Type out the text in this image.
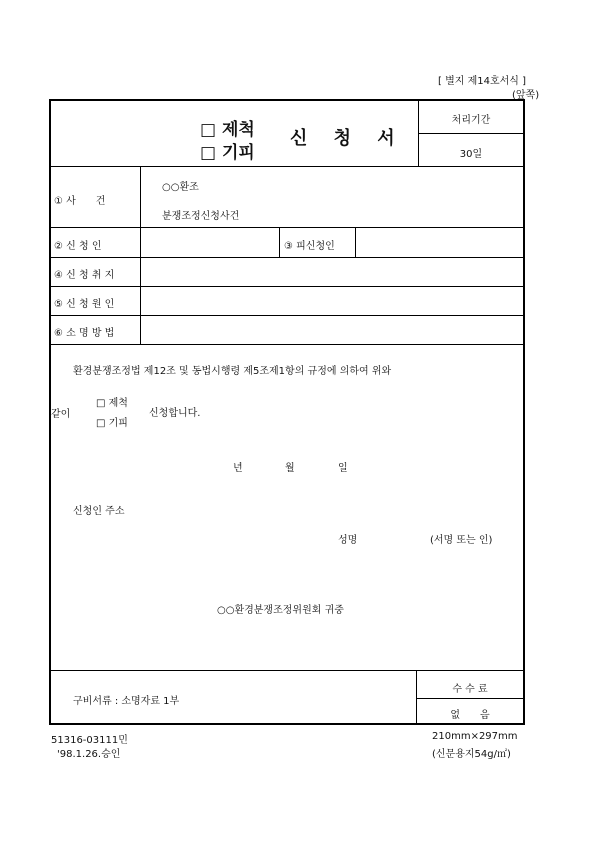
[ 별지 제14호서식 ]
(앞쪽)
□ 제척
□ 기피
신 청 서
처리기간
30일
① 사　　건
○○환조
분쟁조정신청사건
② 신 청 인	③ 피신청인
④ 신 청 취 지
⑤ 신 청 원 인
⑥ 소 명 방 법
환경분쟁조정법 제12조 및 동법시행령 제5조제1항의 규정에 의하여 위와
같이
□ 제척
□ 기피
신청합니다.
년	월	일
신청인 주소
성명	(서명 또는 인)
○○환경분쟁조정위원회 귀중
구비서류 : 소명자료 1부
수 수 료
없　　음
51316-03111민
'98.1.26.승인
210mm×297mm
(신문용지54g/㎡)
